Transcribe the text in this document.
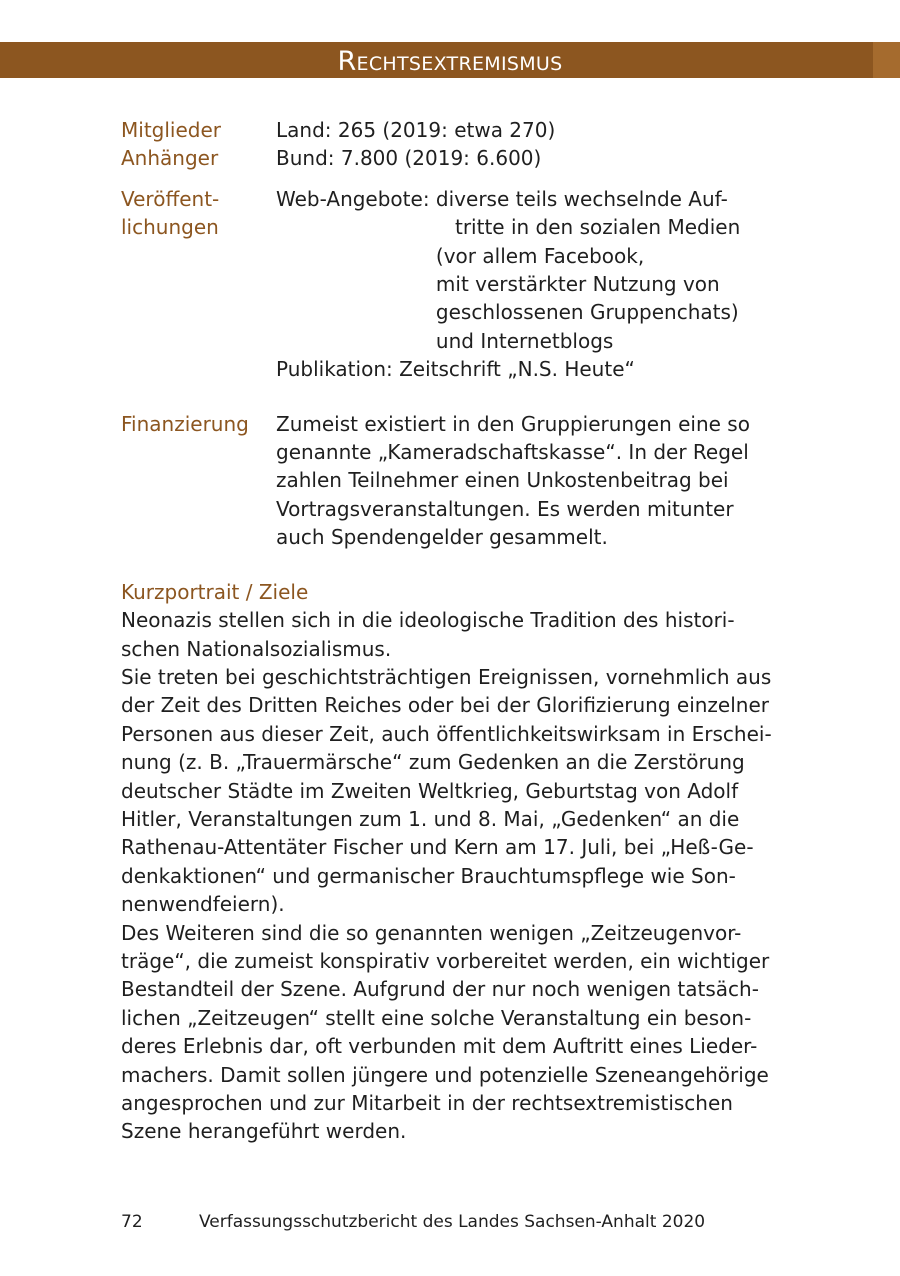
Rechtsextremismus
Mitglieder
Anhänger
Land: 265 (2019: etwa 270)
Bund: 7.800 (2019: 6.600)
Veröffent-
lichungen
Web-Angebote: diverse teils wechselnde Auf-
tritte in den sozialen Medien
(vor allem Facebook,
mit verstärkter Nutzung von
geschlossenen Gruppenchats)
und Internetblogs
Publikation: Zeitschrift „N.S. Heute“
Finanzierung	Zumeist existiert in den Gruppierungen eine so
genannte „Kameradschaftskasse“. In der Regel
zahlen Teilnehmer einen Unkostenbeitrag bei
Vortragsveranstaltungen. Es werden mitunter
auch Spendengelder gesammelt.
Kurzportrait / Ziele
Neonazis stellen sich in die ideologische Tradition des histori-
schen Nationalsozialismus.
Sie treten bei geschichtsträchtigen Ereignissen, vornehmlich aus
der Zeit des Dritten Reiches oder bei der Glorifizierung einzelner
Personen aus dieser Zeit, auch öffentlichkeitswirksam in Erschei-
nung (z. B. „Trauermärsche“ zum Gedenken an die Zerstörung
deutscher Städte im Zweiten Weltkrieg, Geburtstag von Adolf
Hitler, Veranstaltungen zum 1. und 8. Mai, „Gedenken“ an die
Rathenau-Attentäter Fischer und Kern am 17. Juli, bei „Heß-Ge-
denkaktionen“ und germanischer Brauchtumspflege wie Son-
nenwendfeiern).
Des Weiteren sind die so genannten wenigen „Zeitzeugenvor-
träge“, die zumeist konspirativ vorbereitet werden, ein wichtiger
Bestandteil der Szene. Aufgrund der nur noch wenigen tatsäch-
lichen „Zeitzeugen“ stellt eine solche Veranstaltung ein beson-
deres Erlebnis dar, oft verbunden mit dem Auftritt eines Lieder-
machers. Damit sollen jüngere und potenzielle Szeneangehörige
angesprochen und zur Mitarbeit in der rechtsextremistischen
Szene herangeführt werden.
72	Verfassungsschutzbericht des Landes Sachsen-Anhalt 2020
